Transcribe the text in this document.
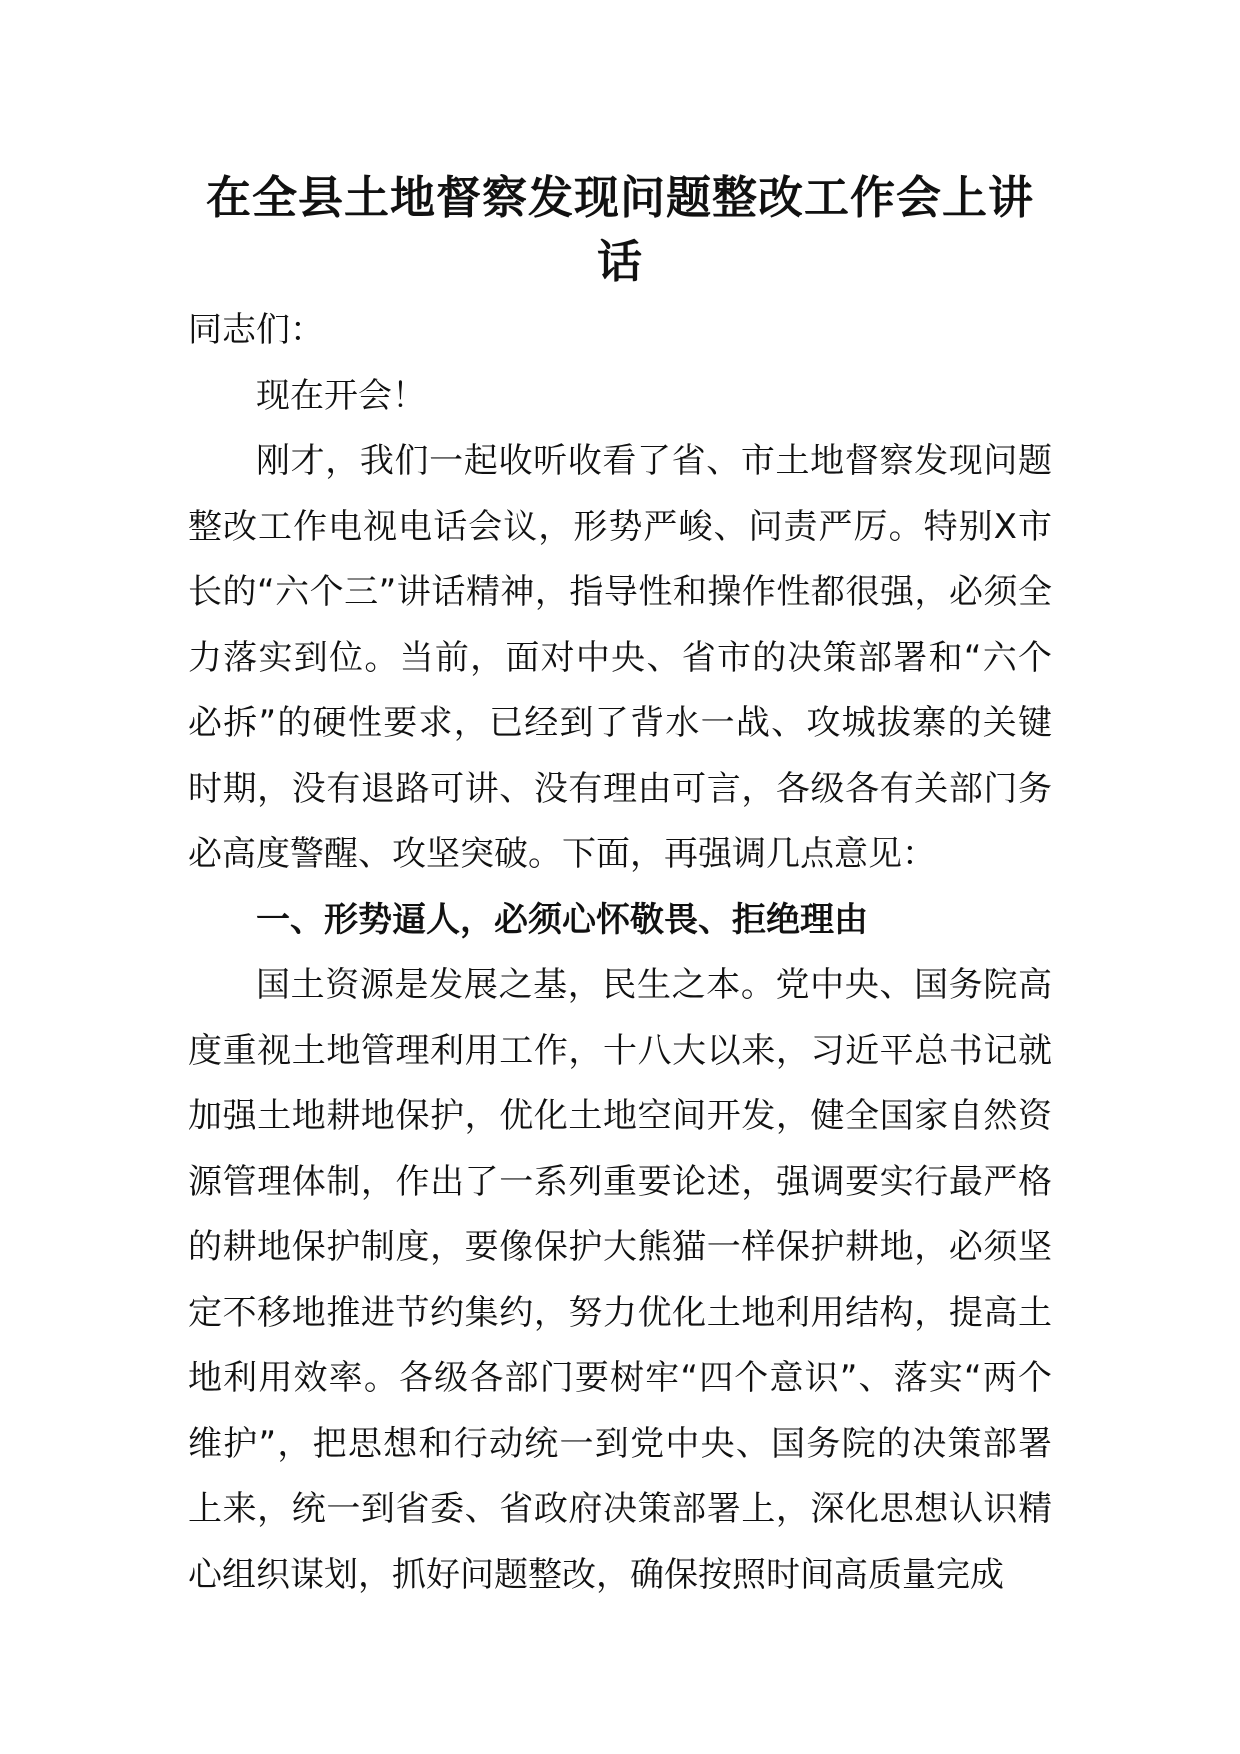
在全县土地督察发现问题整改工作会上讲话

同志们：

现在开会！

刚才，我们一起收听收看了省、市土地督察发现问题整改工作电视电话会议，形势严峻、问责严厉。特别X市长的“六个三”讲话精神，指导性和操作性都很强，必须全力落实到位。当前，面对中央、省市的决策部署和“六个必拆”的硬性要求，已经到了背水一战、攻城拔寨的关键时期，没有退路可讲、没有理由可言，各级各有关部门务必高度警醒、攻坚突破。下面，再强调几点意见：

一、形势逼人，必须心怀敬畏、拒绝理由

国土资源是发展之基，民生之本。党中央、国务院高度重视土地管理利用工作，十八大以来，习近平总书记就加强土地耕地保护，优化土地空间开发，健全国家自然资源管理体制，作出了一系列重要论述，强调要实行最严格的耕地保护制度，要像保护大熊猫一样保护耕地，必须坚定不移地推进节约集约，努力优化土地利用结构，提高土地利用效率。各级各部门要树牢“四个意识”、落实“两个维护”，把思想和行动统一到党中央、国务院的决策部署上来，统一到省委、省政府决策部署上，深化思想认识精心组织谋划，抓好问题整改，确保按照时间高质量完成
